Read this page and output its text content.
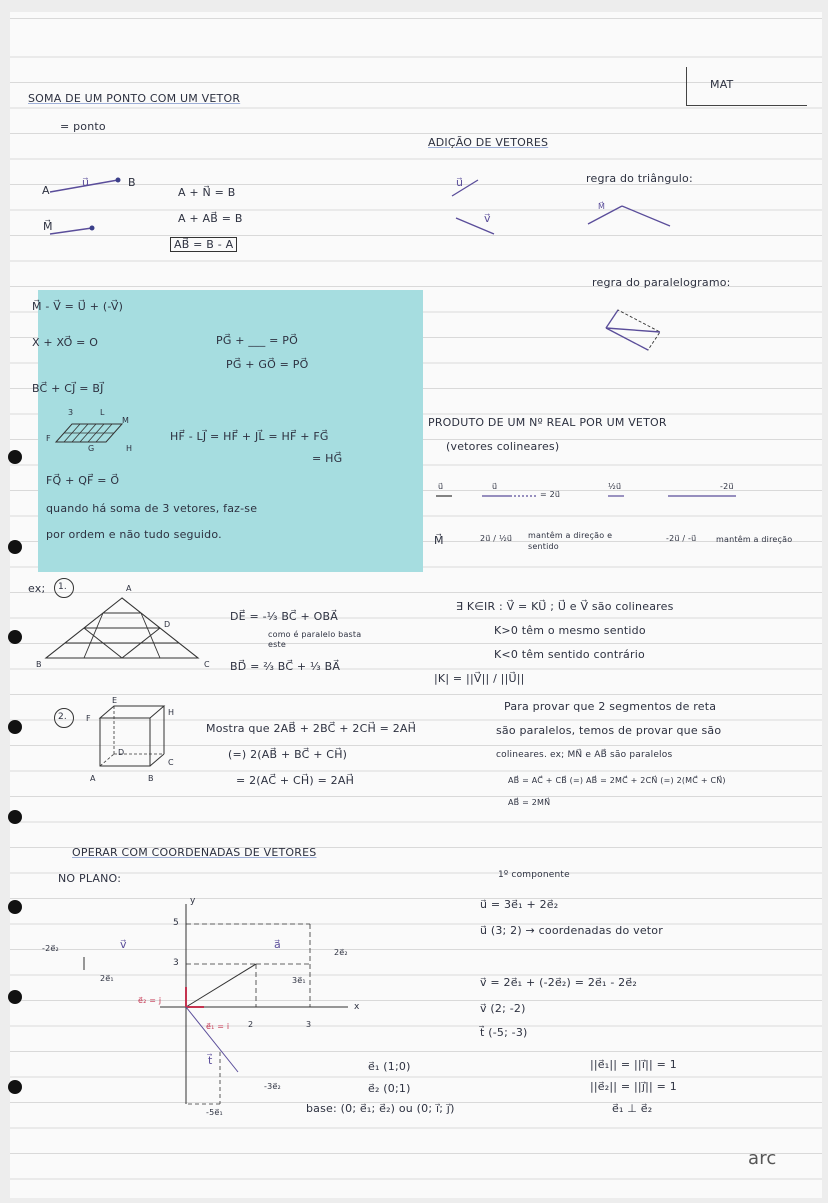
MAT
SOMA DE UM PONTO COM UM VETOR
= ponto
A
B
u⃗
M⃗
A + N⃗ = B
A + AB⃗ = B
AB⃗ = B - A
M⃗ - V⃗ = U⃗ + (-V⃗)
X + XO⃗ = O	PG⃗ + ___ = PO⃗
PG⃗ + GO⃗ = PO⃗
BC⃗ + CJ⃗ = BJ⃗
3	L
M
F
G	H
HF⃗ - LJ⃗ = HF⃗ + JL⃗ = HF⃗ + FG⃗
= HG⃗
FQ⃗ + QF⃗ = O⃗
quando há soma de 3 vetores, faz-se
por ordem e não tudo seguido.
ex; 1.	A
B	C
D
DE⃗ = -⅓ BC⃗ + OBA⃗
como é paralelo basta este
BD⃗ = ⅔ BC⃗ + ⅓ BA⃗
2.
E
F
H
D
C
A	B
Mostra que 2AB⃗ + 2BC⃗ + 2CH⃗ = 2AH⃗
(=) 2(AB⃗ + BC⃗ + CH⃗)
= 2(AC⃗ + CH⃗) = 2AH⃗
OPERAR COM COORDENADAS DE VETORES
NO PLANO:
y
x
5
3
-2e⃗₂	v⃗
2e⃗₁
e⃗₂ = j
e⃗₁ = i 2	3
a⃗
2e⃗₂
3e⃗₁
t⃗
-5e⃗₁
-3e⃗₂
e⃗₁ (1;0)
e⃗₂ (0;1)
base: (0; e⃗₁; e⃗₂) ou (0; i⃗; j⃗)
ADIÇÃO DE VETORES
regra do triângulo:
u⃗
v⃗
M⃗
regra do paralelogramo:
PRODUTO DE UM Nº REAL POR UM VETOR
(vetores colineares)
u⃗	u⃗
= 2u⃗
½u⃗	-2u⃗
M⃗	2u⃗ / ½u⃗ mantêm a direção e sentido
-2u⃗ / -u⃗ mantêm a direção
∃ K∈IR : V⃗ = KU⃗ ; U⃗ e V⃗ são colineares
K>0 têm o mesmo sentido
K<0 têm sentido contrário
|K| = ||V⃗|| / ||U⃗||
Para provar que 2 segmentos de reta
são paralelos, temos de provar que são
colineares. ex; MN⃗ e AB⃗ são paralelos
AB⃗ = AC⃗ + CB⃗ (=) AB⃗ = 2MC⃗ + 2CN⃗ (=) 2(MC⃗ + CN⃗)
AB⃗ = 2MN⃗
1º componente
u⃗ = 3e⃗₁ + 2e⃗₂
u⃗ (3; 2) → coordenadas do vetor
v⃗ = 2e⃗₁ + (-2e⃗₂) = 2e⃗₁ - 2e⃗₂
v⃗ (2; -2)
t⃗ (-5; -3)
||e⃗₁|| = ||i⃗|| = 1
||e⃗₂|| = ||j⃗|| = 1
e⃗₁ ⊥ e⃗₂
arc
